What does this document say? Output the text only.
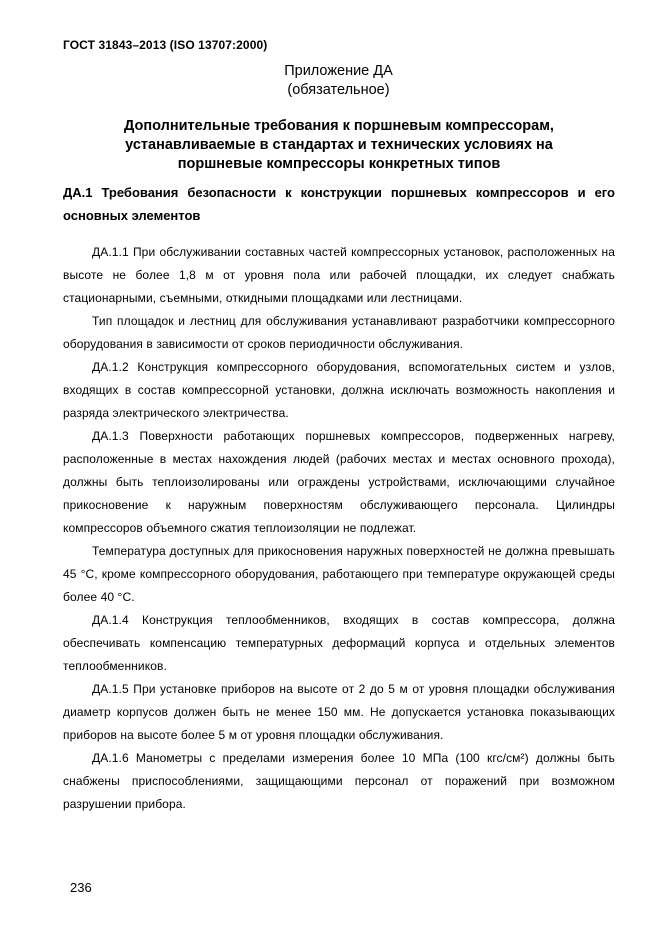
ГОСТ 31843–2013 (ISO 13707:2000)
Приложение ДА
(обязательное)
Дополнительные требования к поршневым компрессорам,
устанавливаемые в стандартах и технических условиях на
поршневые компрессоры конкретных типов
ДА.1 Требования безопасности к конструкции поршневых компрессоров и его основных элементов

ДА.1.1 При обслуживании составных частей компрессорных установок, расположенных на высоте не более 1,8 м от уровня пола или рабочей площадки, их следует снабжать стационарными, съемными, откидными площадками или лестницами.

Тип площадок и лестниц для обслуживания устанавливают разработчики компрессорного оборудования в зависимости от сроков периодичности обслуживания.

ДА.1.2 Конструкция компрессорного оборудования, вспомогательных систем и узлов, входящих в состав компрессорной установки, должна исключать возможность накопления и разряда электрического электричества.

ДА.1.3 Поверхности работающих поршневых компрессоров, подверженных нагреву, расположенные в местах нахождения людей (рабочих местах и местах основного прохода), должны быть теплоизолированы или ограждены устройствами, исключающими случайное прикосновение к наружным поверхностям обслуживающего персонала. Цилиндры компрессоров объемного сжатия теплоизоляции не подлежат.

Температура доступных для прикосновения наружных поверхностей не должна превышать 45 °С, кроме компрессорного оборудования, работающего при температуре окружающей среды более 40 °С.

ДА.1.4 Конструкция теплообменников, входящих в состав компрессора, должна обеспечивать компенсацию температурных деформаций корпуса и отдельных элементов теплообменников.

ДА.1.5 При установке приборов на высоте от 2 до 5 м от уровня площадки обслуживания диаметр корпусов должен быть не менее 150 мм. Не допускается установка показывающих приборов на высоте более 5 м от уровня площадки обслуживания.

ДА.1.6 Манометры с пределами измерения более 10 МПа (100 кгс/см²) должны быть снабжены приспособлениями, защищающими персонал от поражений при возможном разрушении прибора.

236
